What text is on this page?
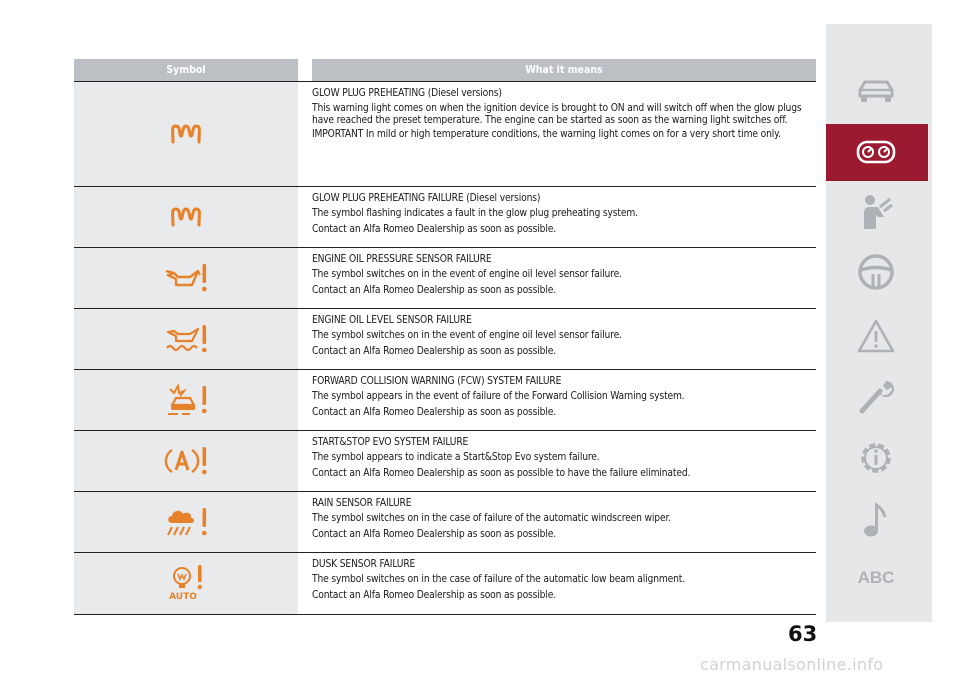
Symbol	What it means
GLOW PLUG PREHEATING (Diesel versions)

This warning light comes on when the ignition device is brought to ON and will switch off when the glow plugs have reached the preset temperature. The engine can be started as soon as the warning light switches off.

IMPORTANT In mild or high temperature conditions, the warning light comes on for a very short time only.

GLOW PLUG PREHEATING FAILURE (Diesel versions)

The symbol flashing indicates a fault in the glow plug preheating system.

Contact an Alfa Romeo Dealership as soon as possible.

ENGINE OIL PRESSURE SENSOR FAILURE

The symbol switches on in the event of engine oil level sensor failure.

Contact an Alfa Romeo Dealership as soon as possible.

ENGINE OIL LEVEL SENSOR FAILURE

The symbol switches on in the event of engine oil level sensor failure.

Contact an Alfa Romeo Dealership as soon as possible.

FORWARD COLLISION WARNING (FCW) SYSTEM FAILURE

The symbol appears in the event of failure of the Forward Collision Warning system.

Contact an Alfa Romeo Dealership as soon as possible.

START&STOP EVO SYSTEM FAILURE

The symbol appears to indicate a Start&Stop Evo system failure.

Contact an Alfa Romeo Dealership as soon as possible to have the failure eliminated.

RAIN SENSOR FAILURE

The symbol switches on in the case of failure of the automatic windscreen wiper.

Contact an Alfa Romeo Dealership as soon as possible.

AUTO
DUSK SENSOR FAILURE

The symbol switches on in the case of failure of the automatic low beam alignment.

Contact an Alfa Romeo Dealership as soon as possible.

ABC
63
carmanualsonline.info
